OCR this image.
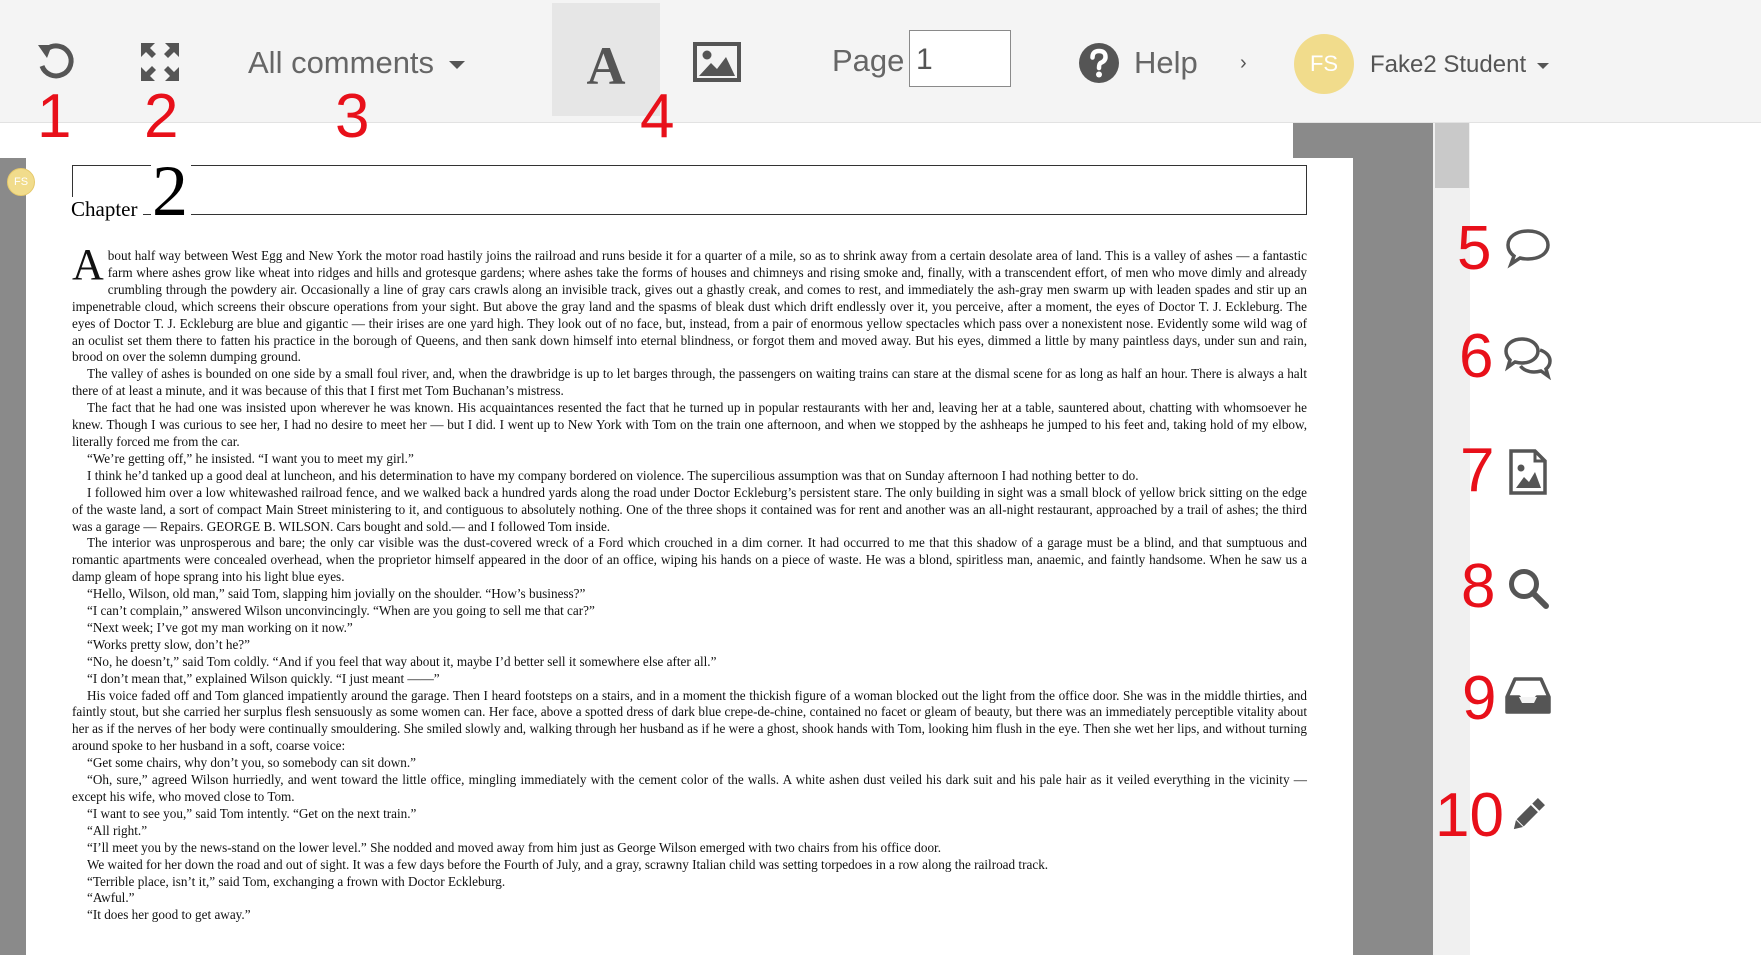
All comments	A	Page 1	Help ›	FS Fake2 Student
Chapter 2

About half way between West Egg and New York the motor road hastily joins the railroad and runs beside it for a quarter of a mile, so as to shrink away from a certain desolate area of land. This is a valley of ashes — a fantastic farm where ashes grow like wheat into ridges and hills and grotesque gardens; where ashes take the forms of houses and chimneys and rising smoke and, finally, with a transcendent effort, of men who move dimly and already crumbling through the powdery air. Occasionally a line of gray cars crawls along an invisible track, gives out a ghastly creak, and comes to rest, and immediately the ash-gray men swarm up with leaden spades and stir up an impenetrable cloud, which screens their obscure operations from your sight. But above the gray land and the spasms of bleak dust which drift endlessly over it, you perceive, after a moment, the eyes of Doctor T. J. Eckleburg. The eyes of Doctor T. J. Eckleburg are blue and gigantic — their irises are one yard high. They look out of no face, but, instead, from a pair of enormous yellow spectacles which pass over a nonexistent nose. Evidently some wild wag of an oculist set them there to fatten his practice in the borough of Queens, and then sank down himself into eternal blindness, or forgot them and moved away. But his eyes, dimmed a little by many paintless days, under sun and rain, brood on over the solemn dumping ground.

The valley of ashes is bounded on one side by a small foul river, and, when the drawbridge is up to let barges through, the passengers on waiting trains can stare at the dismal scene for as long as half an hour. There is always a halt there of at least a minute, and it was because of this that I first met Tom Buchanan’s mistress.

The fact that he had one was insisted upon wherever he was known. His acquaintances resented the fact that he turned up in popular restaurants with her and, leaving her at a table, sauntered about, chatting with whomsoever he knew. Though I was curious to see her, I had no desire to meet her — but I did. I went up to New York with Tom on the train one afternoon, and when we stopped by the ashheaps he jumped to his feet and, taking hold of my elbow, literally forced me from the car.

“We’re getting off,” he insisted. “I want you to meet my girl.”

I think he’d tanked up a good deal at luncheon, and his determination to have my company bordered on violence. The supercilious assumption was that on Sunday afternoon I had nothing better to do.

I followed him over a low whitewashed railroad fence, and we walked back a hundred yards along the road under Doctor Eckleburg’s persistent stare. The only building in sight was a small block of yellow brick sitting on the edge of the waste land, a sort of compact Main Street ministering to it, and contiguous to absolutely nothing. One of the three shops it contained was for rent and another was an all-night restaurant, approached by a trail of ashes; the third was a garage — Repairs. GEORGE B. WILSON. Cars bought and sold.— and I followed Tom inside.

The interior was unprosperous and bare; the only car visible was the dust-covered wreck of a Ford which crouched in a dim corner. It had occurred to me that this shadow of a garage must be a blind, and that sumptuous and romantic apartments were concealed overhead, when the proprietor himself appeared in the door of an office, wiping his hands on a piece of waste. He was a blond, spiritless man, anaemic, and faintly handsome. When he saw us a damp gleam of hope sprang into his light blue eyes.

“Hello, Wilson, old man,” said Tom, slapping him jovially on the shoulder. “How’s business?”

“I can’t complain,” answered Wilson unconvincingly. “When are you going to sell me that car?”

“Next week; I’ve got my man working on it now.”

“Works pretty slow, don’t he?”

“No, he doesn’t,” said Tom coldly. “And if you feel that way about it, maybe I’d better sell it somewhere else after all.”

“I don’t mean that,” explained Wilson quickly. “I just meant ——”

His voice faded off and Tom glanced impatiently around the garage. Then I heard footsteps on a stairs, and in a moment the thickish figure of a woman blocked out the light from the office door. She was in the middle thirties, and faintly stout, but she carried her surplus flesh sensuously as some women can. Her face, above a spotted dress of dark blue crepe-de-chine, contained no facet or gleam of beauty, but there was an immediately perceptible vitality about her as if the nerves of her body were continually smouldering. She smiled slowly and, walking through her husband as if he were a ghost, shook hands with Tom, looking him flush in the eye. Then she wet her lips, and without turning around spoke to her husband in a soft, coarse voice:

“Get some chairs, why don’t you, so somebody can sit down.”

“Oh, sure,” agreed Wilson hurriedly, and went toward the little office, mingling immediately with the cement color of the walls. A white ashen dust veiled his dark suit and his pale hair as it veiled everything in the vicinity — except his wife, who moved close to Tom.

“I want to see you,” said Tom intently. “Get on the next train.”

“All right.”

“I’ll meet you by the news-stand on the lower level.” She nodded and moved away from him just as George Wilson emerged with two chairs from his office door.

We waited for her down the road and out of sight. It was a few days before the Fourth of July, and a gray, scrawny Italian child was setting torpedoes in a row along the railroad track.

“Terrible place, isn’t it,” said Tom, exchanging a frown with Doctor Eckleburg.

“Awful.”

“It does her good to get away.”

FS
1 2	3	4
5
6
7
8
9
10
